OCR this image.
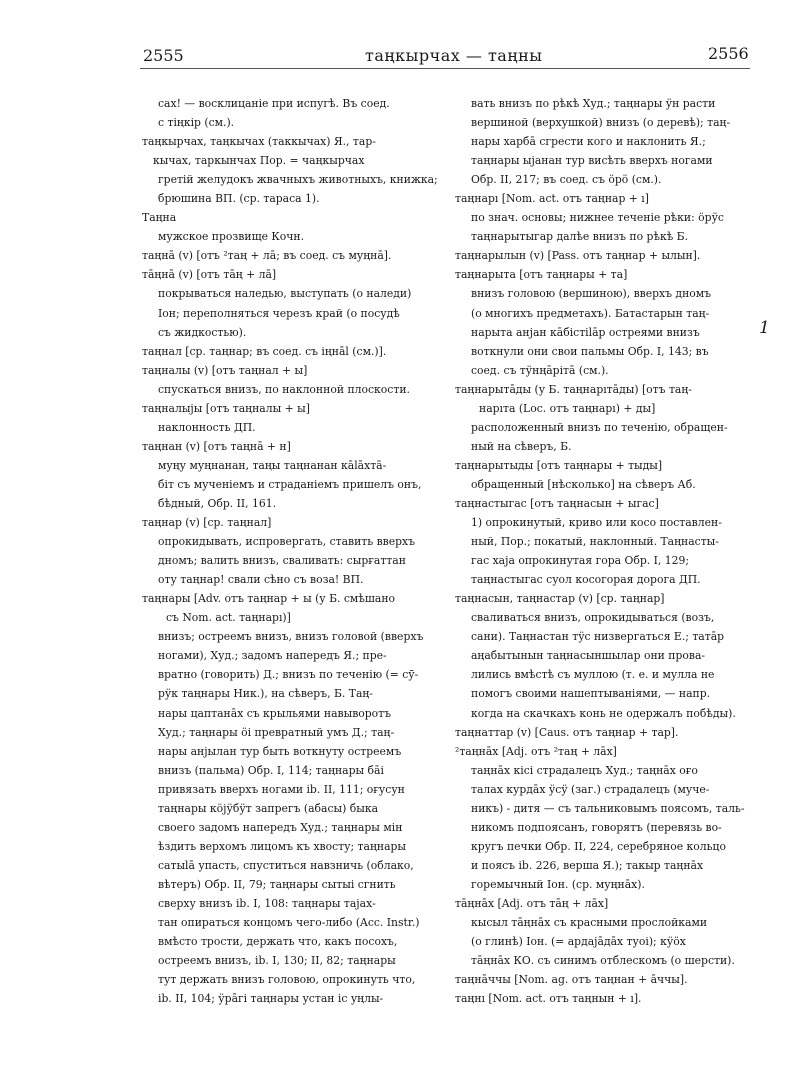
2555	таңкырчах — таңны	2556

сах! — восклицаніе при испугѣ. Въ соед.

с тіңкір (см.).

таңкырчах, таңкычах (таккычах) Я., тар-

кычах, таркынчах Пор. = чаңкырчах

гретій желудокъ жвачныхъ животныхъ, книжка;

брюшина ВП. (ср. тараса 1).

Таңна

мужское прозвище Кочн.

таңнā (v) [отъ ²таң + лā; въ соед. съ муңнā].

тāңнā (v) [отъ тāң + лā]

покрываться наледью, выступать (о наледи)

Іон; переполняться черезъ край (о посудѣ

съ жидкостью).

таңнал [ср. таңнар; въ соед. съ іңнāl (см.)].

таңналы (v) [отъ таңнал + ы]

спускаться внизъ, по наклонной плоскости.

таңналыjы [отъ таңналы + ы]

наклонность ДП.

таңнан (v) [отъ таңнā + н]

муңу муңнанан, таңы таңнанан кālāхтā-

біт съ мученіемъ и страданіемъ пришелъ онъ,

бѣдный, Обр. II, 161.

таңнар (v) [ср. таңнал]

опрокидывать, испровергать, ставить вверхъ

дномъ; валить внизъ, сваливать: сырғаттан

оту таңнар! свали сѣно съ воза! ВП.

таңнары [Adv. отъ таңнар + ы (у Б. смѣшано

съ Nom. act. таңнарı)]

внизъ; остреемъ внизъ, внизъ головой (вверхъ

ногами), Худ.; задомъ напередъ Я.; пре-

вратно (говорить) Д.; внизъ по теченію (= сӯ-

рӱк таңнары Ник.), на сѣверъ, Б. Таң-

нары цаптанāх съ крыльями навыворотъ

Худ.; таңнары öі превратный умъ Д.; таң-

нары анjылан тур быть воткнуту остреемъ

внизъ (пальма) Обр. I, 114; таңнары бāі

привязать вверхъ ногами ib. II, 111; оғусун

таңнары кöjӱбӱт запрегъ (абасы) быка

своего задомъ напередъ Худ.; таңнары мін

ѣздить верхомъ лицомъ къ хвосту; таңнары

сатыlā упасть, спуститься навзничь (облако,

вѣтеръ) Обр. II, 79; таңнары сытыі сгнить

сверху внизъ ib. I, 108: таңнары таjах-

тан опираться концомъ чего-либо (Acc. Instr.)

вмѣсто трости, держать что, какъ посохъ,

остреемъ внизъ, ib. I, 130; II, 82; таңнары

тут держать внизъ головою, опрокинуть что,

ib. II, 104; ӱрāгі таңнары устан іс уңлы-

вать внизъ по рѣкѣ Худ.; таңнары ӱн расти

вершиной (верхушкой) внизъ (о деревѣ); таң-

нары харбā сгрести кого и наклонить Я.;

таңнары ыjанан тур висѣть вверхъ ногами

Обр. II, 217; въ соед. съ öрö (см.).

таңнарı [Nom. act. отъ таңнар + ı]

по знач. основы; нижнее теченіе рѣки: öрӱс

таңнарытыгар далѣе внизъ по рѣкѣ Б.

таңнарылын (v) [Pass. отъ таңнар + ылын].

таңнарыта [отъ таңнары + та]

внизъ головою (вершиною), вверхъ дномъ

(о многихъ предметахъ). Батастарын таң-

нарыта анjан кāбістіlāр остреями внизъ

воткнули они свои пальмы Обр. I, 143; въ

соед. съ тӱнңāрітā (см.).

таңнарытāды (у Б. таңнарıтāды) [отъ таң-

нарıта (Loc. отъ таңнарı) + ды]

расположенный внизъ по теченію, обращен-

ный на сѣверъ, Б.

таңнарытыды [отъ таңнары + тыды]

обращенный [нѣсколько] на сѣверъ Аб.

таңнастыгас [отъ таңнасын + ыгас]

1) опрокинутый, криво или косо поставлен-

ный, Пор.; покатый, наклонный. Таңнасты-

гас хаjа опрокинутая гора Обр. I, 129;

таңнастыгас суол косогорая дорога ДП.

таңнасын, таңнастар (v) [ср. таңнар]

сваливаться внизъ, опрокидываться (возъ,

сани). Таңнастан тӱс низвергаться Е.; татāр

аңабытынын таңнасыншылар они прова-

лились вмѣстѣ съ муллою (т. е. и мулла не

помогъ своими нашептываніями, — напр.

когда на скачкахъ конь не одержалъ побѣды).

таңнаттар (v) [Caus. отъ таңнар + тар].

²таңнāх [Adj. отъ ²таң + лāх]

таңнāх кісі страдалецъ Худ.; таңнāх оғо

талах курдāх ӱсӱ (заг.) страдалецъ (муче-

никъ) - дитя — съ тальниковымъ поясомъ, таль-

никомъ подпоясанъ, говорятъ (перевязь во-

кругъ печки Обр. II, 224, серебряное кольцо

и поясъ ib. 226, верша Я.); такыр таңнāх

горемычный Іон. (ср. муңнāх).

тāңнāх [Adj. отъ тāң + лāх]

кысыл тāңнāх съ красными прослойками

(о глинѣ) Іон. (= ардаjāдāх туоі); кӱöх

тāңнāх КО. съ синимъ отблескомъ (о шерсти).

таңнāччы [Nom. ag. отъ таңнан + āччы].

таңнı [Nom. act. отъ таңнын + ı].

1
